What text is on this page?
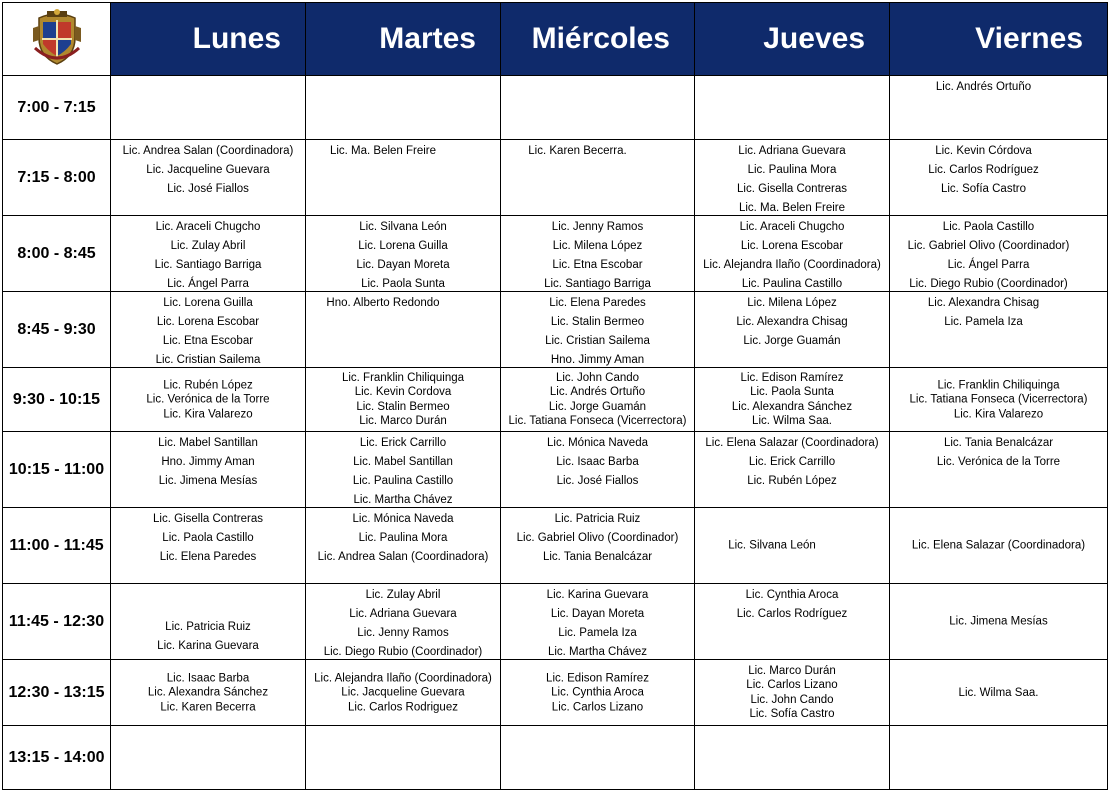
	Lunes	Martes	Miércoles	Jueves	Viernes
7:00 - 7:15					Lic. Andrés Ortuño

7:15 - 8:00	Lic. Andrea Salan (Coordinadora)
Lic. Jacqueline Guevara
Lic. José Fiallos	Lic. Ma. Belen Freire	Lic. Karen Becerra.	Lic. Adriana Guevara
Lic. Paulina Mora
Lic. Gisella Contreras
Lic. Ma. Belen Freire	Lic. Kevin Córdova
Lic. Carlos Rodríguez
Lic. Sofía Castro

8:00 - 8:45	Lic. Araceli Chugcho
Lic. Zulay Abril
Lic. Santiago Barriga
Lic. Ángel Parra	Lic. Silvana León
Lic. Lorena Guilla
Lic. Dayan Moreta
Lic. Paola Sunta	Lic. Jenny Ramos
Lic. Milena López
Lic. Etna Escobar
Lic. Santiago Barriga	Lic. Araceli Chugcho
Lic. Lorena Escobar
Lic. Alejandra Ilaño (Coordinadora)
Lic. Paulina Castillo	Lic. Paola Castillo
Lic. Gabriel Olivo (Coordinador)
Lic. Ángel Parra
Lic. Diego Rubio (Coordinador)

8:45 - 9:30	Lic. Lorena Guilla
Lic. Lorena Escobar
Lic. Etna Escobar
Lic. Cristian Sailema	Hno. Alberto Redondo	Lic. Elena Paredes
Lic. Stalin Bermeo
Lic. Cristian Sailema
Hno. Jimmy Aman	Lic. Milena López
Lic. Alexandra Chisag
Lic. Jorge Guamán	Lic. Alexandra Chisag
Lic. Pamela Iza

9:30 - 10:15	Lic. Rubén López
Lic. Verónica de la Torre
Lic. Kira Valarezo	Lic. Franklin Chiliquinga
Lic. Kevin Cordova
Lic. Stalin Bermeo
Lic. Marco Durán	Lic. John Cando
Lic. Andrés Ortuño
Lic. Jorge Guamán
Lic. Tatiana Fonseca (Vicerrectora)	Lic. Edison Ramírez
Lic. Paola Sunta
Lic. Alexandra Sánchez
Lic. Wilma Saa.	Lic. Franklin Chiliquinga
Lic. Tatiana Fonseca (Vicerrectora)
Lic. Kira Valarezo

10:15 - 11:00	Lic. Mabel Santillan
Hno. Jimmy Aman
Lic. Jimena Mesías	Lic. Erick Carrillo
Lic. Mabel Santillan
Lic. Paulina Castillo
Lic. Martha Chávez	Lic. Mónica Naveda
Lic. Isaac Barba
Lic. José Fiallos	Lic. Elena Salazar (Coordinadora)
Lic. Erick Carrillo
Lic. Rubén López	Lic. Tania Benalcázar
Lic. Verónica de la Torre

11:00 - 11:45	Lic. Gisella Contreras
Lic. Paola Castillo
Lic. Elena Paredes	Lic. Mónica Naveda
Lic. Paulina Mora
Lic. Andrea Salan (Coordinadora)	Lic. Patricia Ruiz
Lic. Gabriel Olivo (Coordinador)
Lic. Tania Benalcázar	Lic. Silvana León	Lic. Elena Salazar (Coordinadora)

11:45 - 12:30	Lic. Patricia Ruiz
Lic. Karina Guevara	Lic. Zulay Abril
Lic. Adriana Guevara
Lic. Jenny Ramos
Lic. Diego Rubio (Coordinador)	Lic. Karina Guevara
Lic. Dayan Moreta
Lic. Pamela Iza
Lic. Martha Chávez	Lic. Cynthia Aroca
Lic. Carlos Rodríguez	Lic. Jimena Mesías

12:30 - 13:15	Lic. Isaac Barba
Lic. Alexandra Sánchez
Lic. Karen Becerra	Lic. Alejandra Ilaño (Coordinadora)
Lic. Jacqueline Guevara
Lic. Carlos Rodriguez	Lic. Edison Ramírez
Lic. Cynthia Aroca
Lic. Carlos Lizano	Lic. Marco Durán
Lic. Carlos Lizano
Lic. John Cando
Lic. Sofía Castro	Lic. Wilma Saa.

13:15 - 14:00	
